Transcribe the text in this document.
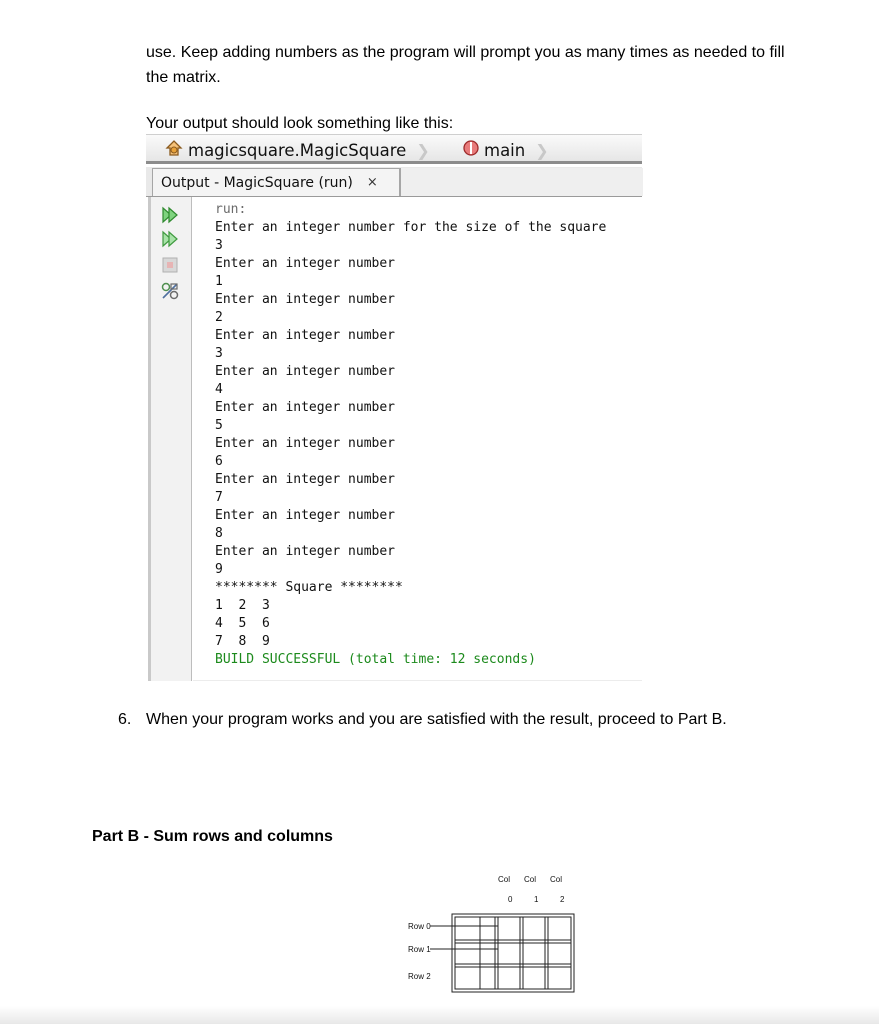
use. Keep adding numbers as the program will prompt you as many times as needed to fill the matrix.
Your output should look something like this:
magicsquare.MagicSquare ❯	main ❯
Output - MagicSquare (run) ×
run:
Enter an integer number for the size of the square
3
Enter an integer number
1
Enter an integer number
2
Enter an integer number
3
Enter an integer number
4
Enter an integer number
5
Enter an integer number
6
Enter an integer number
7
Enter an integer number
8
Enter an integer number
9
******** Square ********
1  2  3
4  5  6
7  8  9
BUILD SUCCESSFUL (total time: 12 seconds)
6. When your program works and you are satisfied with the result, proceed to Part B.
Part B - Sum rows and columns
Col Col Col
0	1	2
Row 0
Row 1
Row 2
